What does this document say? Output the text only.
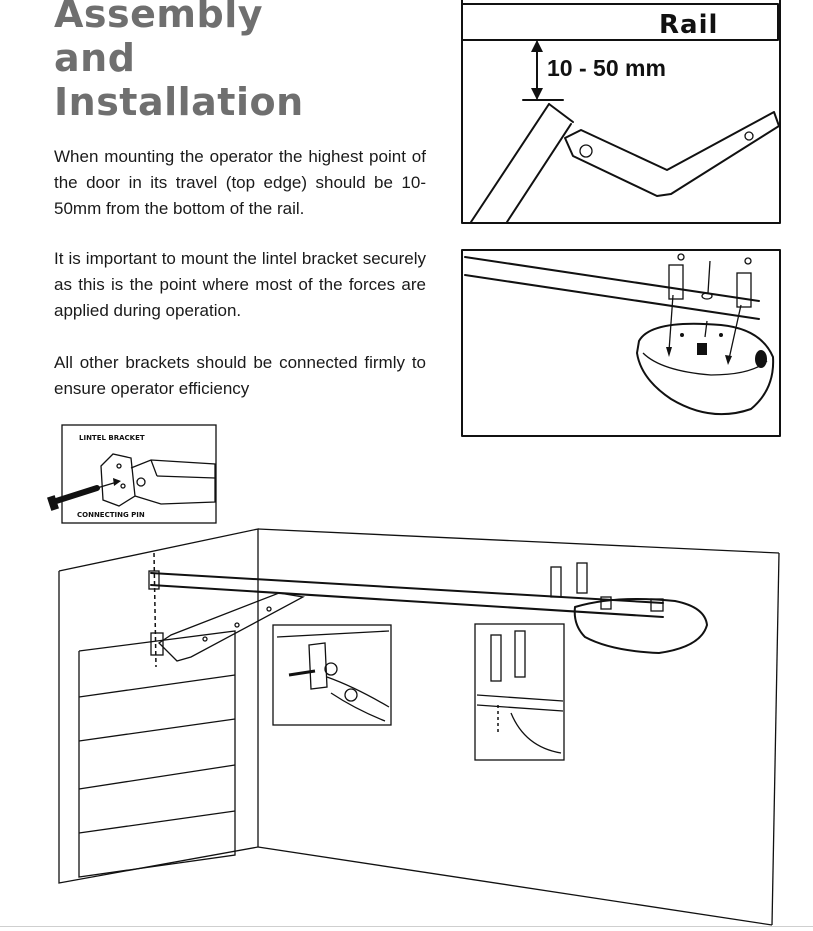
Assembly
and
Installation
When mounting the operator the highest point of the door in its travel (top edge) should be 10-50mm from the bottom of the rail.
It is important to mount the lintel bracket securely as this is the point where most of the forces are applied during operation.
All other brackets should be connected firmly to ensure operator efficiency
Rail
10 - 50 mm
LINTEL BRACKET
CONNECTING PIN
